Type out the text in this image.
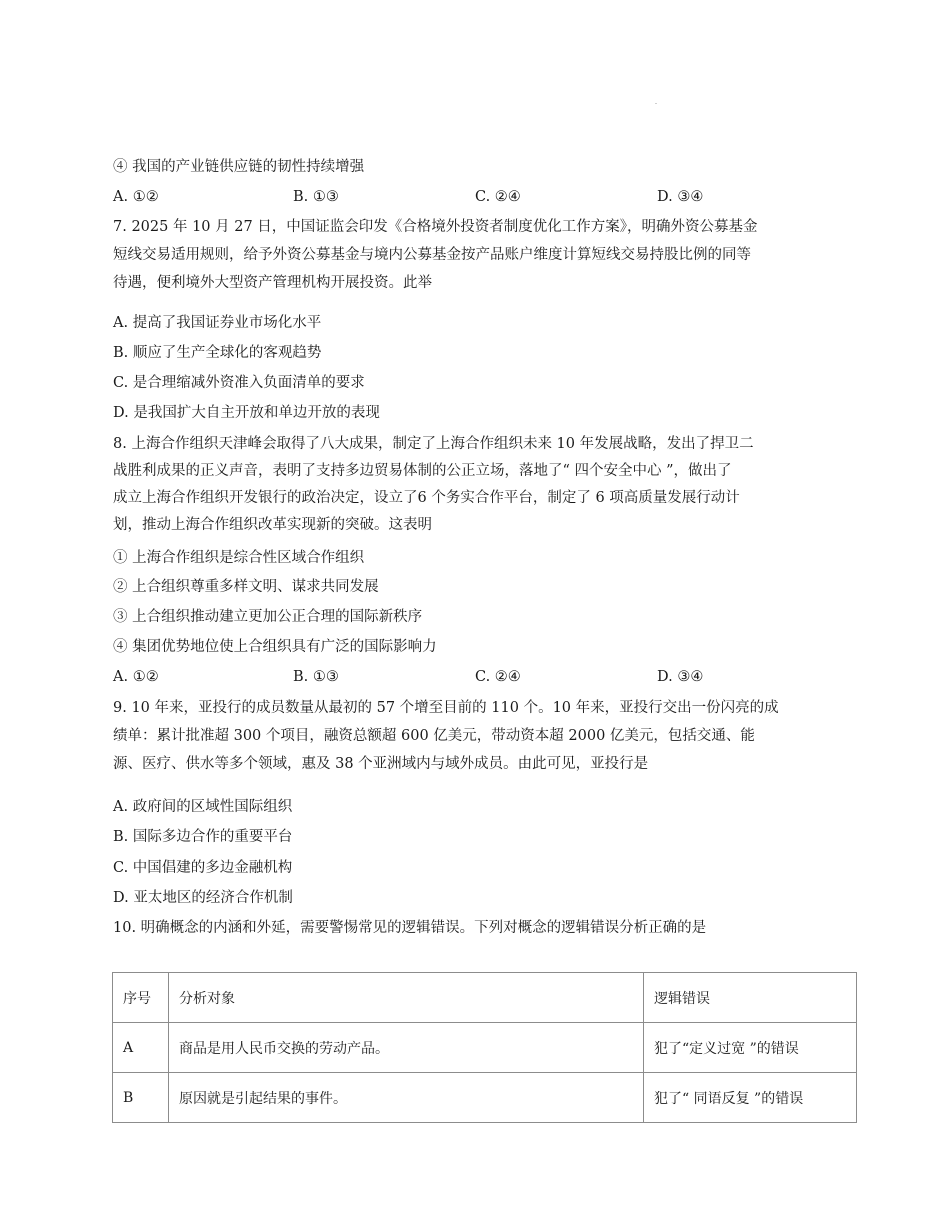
④ 我国的产业链供应链的韧性持续增强
A. ①②	B. ①③	C. ②④	D. ③④
7. 2025 年 10 月 27 日，中国证监会印发《合格境外投资者制度优化工作方案》，明确外资公募基金
短线交易适用规则，给予外资公募基金与境内公募基金按产品账户维度计算短线交易持股比例的同等
待遇，便利境外大型资产管理机构开展投资。此举
A. 提高了我国证券业市场化水平
B. 顺应了生产全球化的客观趋势
C. 是合理缩减外资准入负面清单的要求
D. 是我国扩大自主开放和单边开放的表现
8. 上海合作组织天津峰会取得了八大成果，制定了上海合作组织未来 10 年发展战略，发出了捍卫二
战胜利成果的正义声音，表明了支持多边贸易体制的公正立场，落地了“ 四个安全中心 ”，做出了
成立上海合作组织开发银行的政治决定，设立了6 个务实合作平台，制定了 6 项高质量发展行动计
划，推动上海合作组织改革实现新的突破。这表明
① 上海合作组织是综合性区域合作组织
② 上合组织尊重多样文明、谋求共同发展
③ 上合组织推动建立更加公正合理的国际新秩序
④ 集团优势地位使上合组织具有广泛的国际影响力
A. ①②	B. ①③	C. ②④	D. ③④
9. 10 年来，亚投行的成员数量从最初的 57 个增至目前的 110 个。10 年来，亚投行交出一份闪亮的成
绩单：累计批准超 300 个项目，融资总额超 600 亿美元，带动资本超 2000 亿美元，包括交通、能
源、医疗、供水等多个领域，惠及 38 个亚洲域内与域外成员。由此可见，亚投行是
A. 政府间的区域性国际组织
B. 国际多边合作的重要平台
C. 中国倡建的多边金融机构
D. 亚太地区的经济合作机制
10. 明确概念的内涵和外延，需要警惕常见的逻辑错误。下列对概念的逻辑错误分析正确的是
序号	分析对象	逻辑错误
A	商品是用人民币交换的劳动产品。	犯了“定义过宽 ”的错误
B	原因就是引起结果的事件。	犯了“ 同语反复 ”的错误
